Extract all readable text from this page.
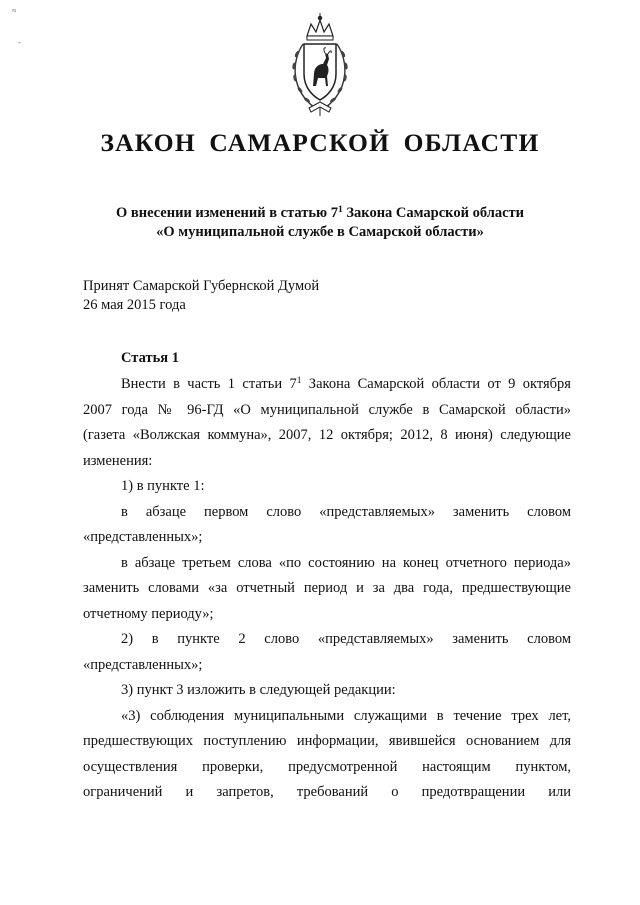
≈
-
ЗАКОН САМАРСКОЙ ОБЛАСТИ
О внесении изменений в статью $7^1$ Закона Самарской области
«О муниципальной службе в Самарской области»
Принят Самарской Губернской Думой
26 мая 2015 года
Статья 1

Внести в часть 1 статьи $7^1$ Закона Самарской области от 9 октября

2007 года № 96-ГД «О муниципальной службе в Самарской области»

(газета «Волжская коммуна», 2007, 12 октября; 2012, 8 июня) следующие

изменения:

1) в пункте 1:

в абзаце первом слово «представляемых» заменить словом

«представленных»;

в абзаце третьем слова «по состоянию на конец отчетного периода»

заменить словами «за отчетный период и за два года, предшествующие

отчетному периоду»;

2) в пункте 2 слово «представляемых» заменить словом

«представленных»;

3) пункт 3 изложить в следующей редакции:

«3) соблюдения муниципальными служащими в течение трех лет,

предшествующих поступлению информации, явившейся основанием для

осуществления проверки, предусмотренной настоящим пунктом,

ограничений и запретов, требований о предотвращении или
